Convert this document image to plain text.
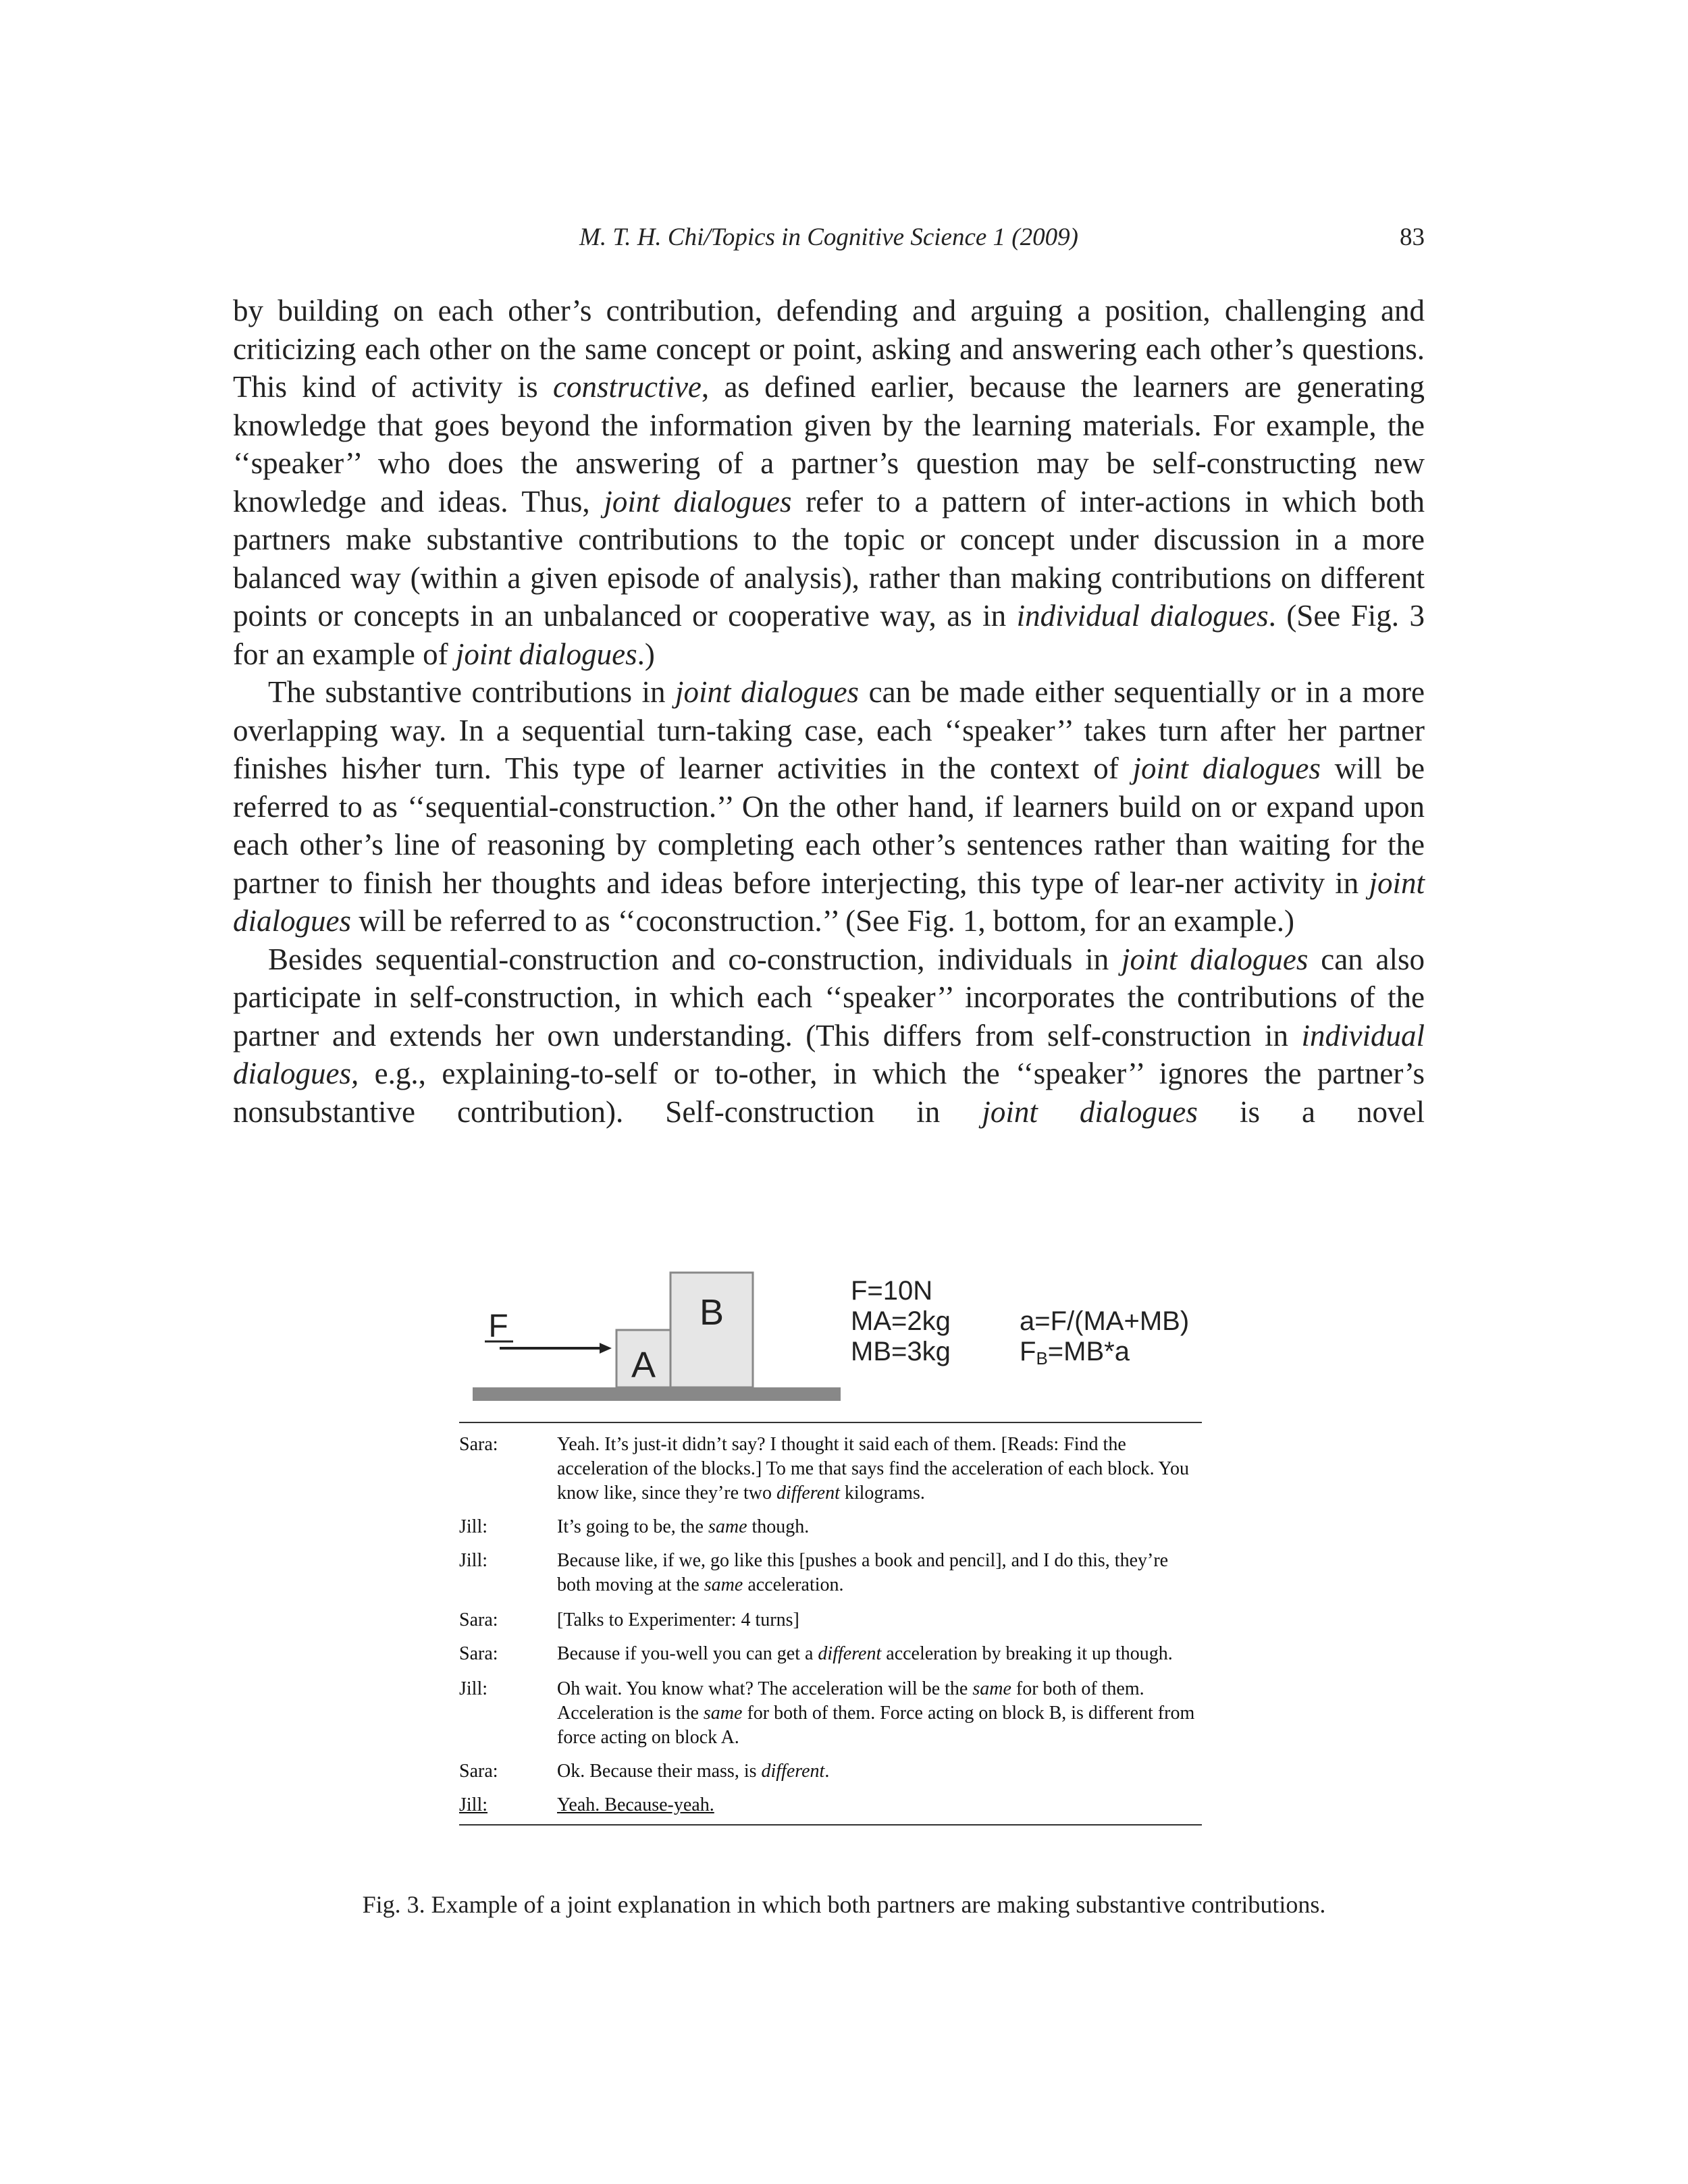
M. T. H. Chi/Topics in Cognitive Science 1 (2009)	83

by building on each other’s contribution, defending and arguing a position, challenging and criticizing each other on the same concept or point, asking and answering each other’s questions. This kind of activity is constructive, as defined earlier, because the learners are generating knowledge that goes beyond the information given by the learning materials. For example, the ‘‘speaker’’ who does the answering of a partner’s question may be self-constructing new knowledge and ideas. Thus, joint dialogues refer to a pattern of inter-actions in which both partners make substantive contributions to the topic or concept under discussion in a more balanced way (within a given episode of analysis), rather than making contributions on different points or concepts in an unbalanced or cooperative way, as in individual dialogues. (See Fig. 3 for an example of joint dialogues.)

The substantive contributions in joint dialogues can be made either sequentially or in a more overlapping way. In a sequential turn-taking case, each ‘‘speaker’’ takes turn after her partner finishes his⁄her turn. This type of learner activities in the context of joint dialogues will be referred to as ‘‘sequential-construction.’’ On the other hand, if learners build on or expand upon each other’s line of reasoning by completing each other’s sentences rather than waiting for the partner to finish her thoughts and ideas before interjecting, this type of lear-ner activity in joint dialogues will be referred to as ‘‘coconstruction.’’ (See Fig. 1, bottom, for an example.)

Besides sequential-construction and co-construction, individuals in joint dialogues can also participate in self-construction, in which each ‘‘speaker’’ incorporates the contributions of the partner and extends her own understanding. (This differs from self-construction in individual dialogues, e.g., explaining-to-self or to-other, in which the ‘‘speaker’’ ignores the partner’s nonsubstantive contribution). Self-construction in joint dialogues is a novel

A
B
F
F=10N
MA=2kg
MB=3kg
a=F/(MA+MB)
FB=MB*a
Sara:	Yeah. It’s just-it didn’t say? I thought it said each of them. [Reads: Find the acceleration of the blocks.] To me that says find the acceleration of each block. You know like, since they’re two different kilograms.
Jill:	It’s going to be, the same though.
Jill:	Because like, if we, go like this [pushes a book and pencil], and I do this, they’re both moving at the same acceleration.
Sara:	[Talks to Experimenter: 4 turns]
Sara:	Because if you-well you can get a different acceleration by breaking it up though.
Jill:	Oh wait. You know what? The acceleration will be the same for both of them. Acceleration is the same for both of them. Force acting on block B, is different from force acting on block A.
Sara:	Ok. Because their mass, is different.
Jill:	Yeah. Because-yeah.
Fig. 3. Example of a joint explanation in which both partners are making substantive contributions.
